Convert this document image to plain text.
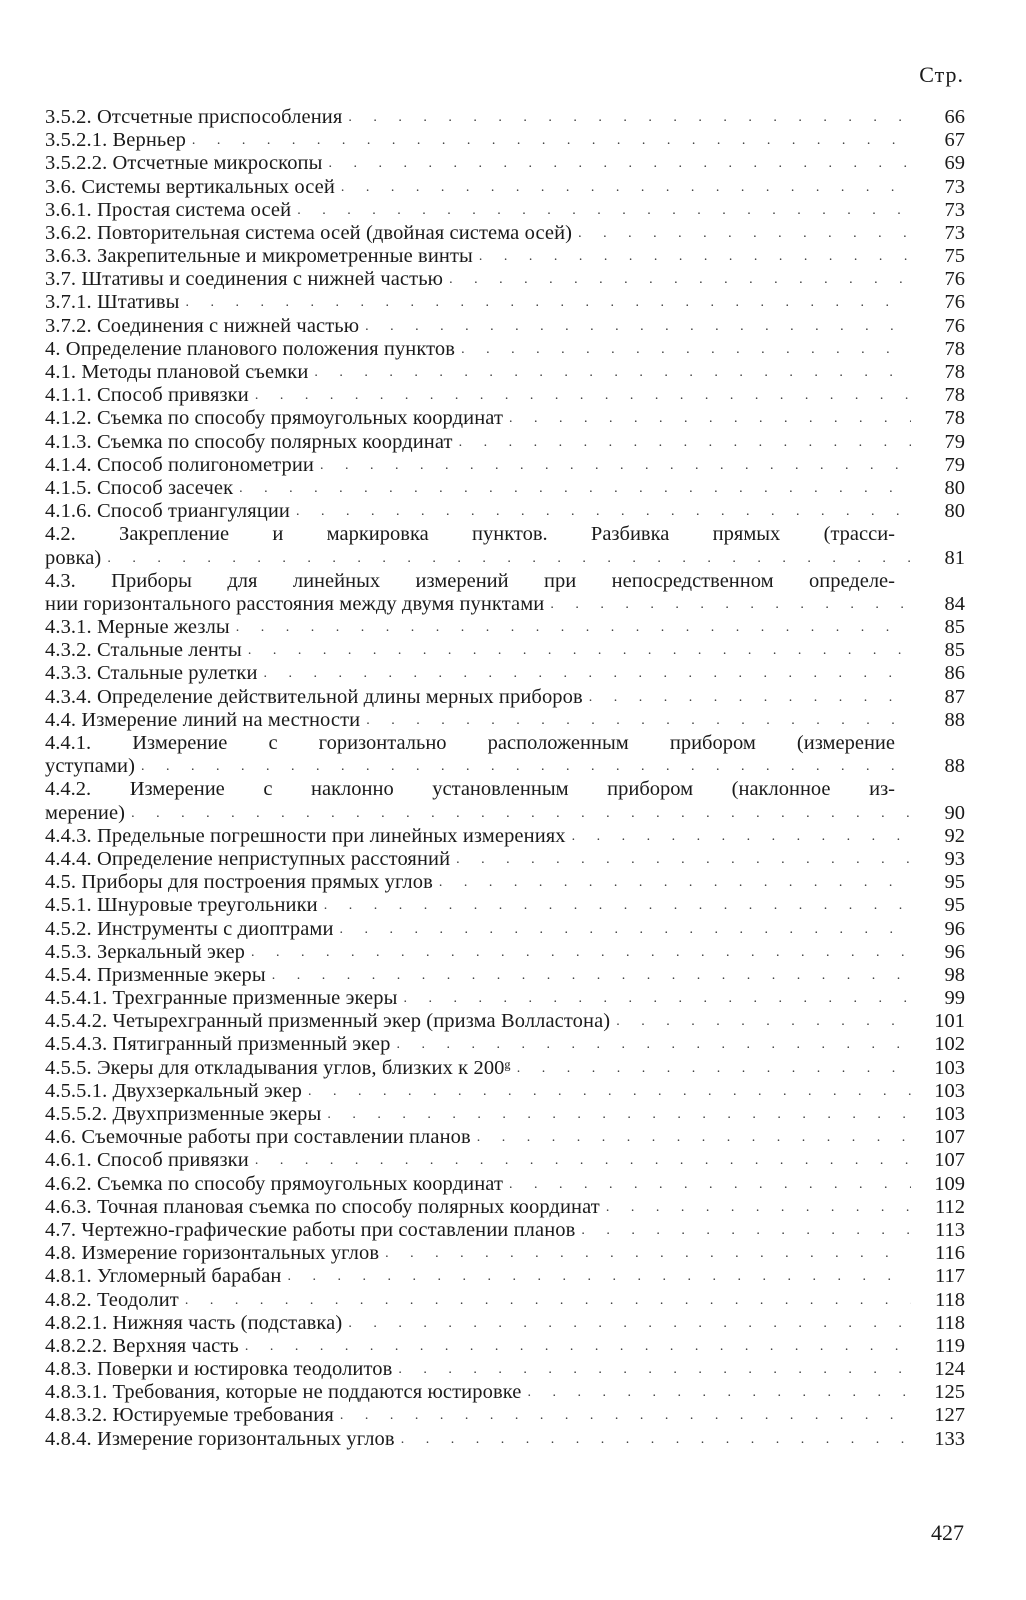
Стр.
3.5.2. Отсчетные приспособления . . .	66
3.5.2.1. Верньер . . .	67
3.5.2.2. Отсчетные микроскопы . . .	69
3.6. Системы вертикальных осей . . .	73
3.6.1. Простая система осей . . .	73
3.6.2. Повторительная система осей (двойная система осей) . . .	73
3.6.3. Закрепительные и микрометренные винты . . .	75
3.7. Штативы и соединения с нижней частью . . .	76
3.7.1. Штативы . . .	76
3.7.2. Соединения с нижней частью . . .	76
4. Определение планового положения пунктов . . .	78
4.1. Методы плановой съемки . . .	78
4.1.1. Способ привязки . . .	78
4.1.2. Съемка по способу прямоугольных координат . . .	78
4.1.3. Съемка по способу полярных координат . . .	79
4.1.4. Способ полигонометрии . . .	79
4.1.5. Способ засечек . . .	80
4.1.6. Способ триангуляции . . .	80
4.2. Закрепление и маркировка пунктов. Разбивка прямых (трасси-
ровка) . . .	81
4.3. Приборы для линейных измерений при непосредственном определе-
нии горизонтального расстояния между двумя пунктами . . .	84
4.3.1. Мерные жезлы . . .	85
4.3.2. Стальные ленты . . .	85
4.3.3. Стальные рулетки . . .	86
4.3.4. Определение действительной длины мерных приборов . . .	87
4.4. Измерение линий на местности . . .	88
4.4.1. Измерение с горизонтально расположенным прибором (измерение
уступами) . . .	88
4.4.2. Измерение с наклонно установленным прибором (наклонное из-
мерение) . . .	90
4.4.3. Предельные погрешности при линейных измерениях . . .	92
4.4.4. Определение неприступных расстояний . . .	93
4.5. Приборы для построения прямых углов . . .	95
4.5.1. Шнуровые треугольники . . .	95
4.5.2. Инструменты с диоптрами . . .	96
4.5.3. Зеркальный экер . . .	96
4.5.4. Призменные экеры . . .	98
4.5.4.1. Трехгранные призменные экеры . . .	99
4.5.4.2. Четырехгранный призменный экер (призма Волластона) . . .	101
4.5.4.3. Пятигранный призменный экер . . .	102
4.5.5. Экеры для откладывания углов, близких к 200ᵍ . . .	103
4.5.5.1. Двухзеркальный экер . . .	103
4.5.5.2. Двухпризменные экеры . . .	103
4.6. Съемочные работы при составлении планов . . .	107
4.6.1. Способ привязки . . .	107
4.6.2. Съемка по способу прямоугольных координат . . .	109
4.6.3. Точная плановая съемка по способу полярных координат . . .	112
4.7. Чертежно-графические работы при составлении планов . . .	113
4.8. Измерение горизонтальных углов . . .	116
4.8.1. Угломерный барабан . . .	117
4.8.2. Теодолит . . .	118
4.8.2.1. Нижняя часть (подставка) . . .	118
4.8.2.2. Верхняя часть . . .	119
4.8.3. Поверки и юстировка теодолитов . . .	124
4.8.3.1. Требования, которые не поддаются юстировке . . .	125
4.8.3.2. Юстируемые требования . . .	127
4.8.4. Измерение горизонтальных углов . . .	133
427
